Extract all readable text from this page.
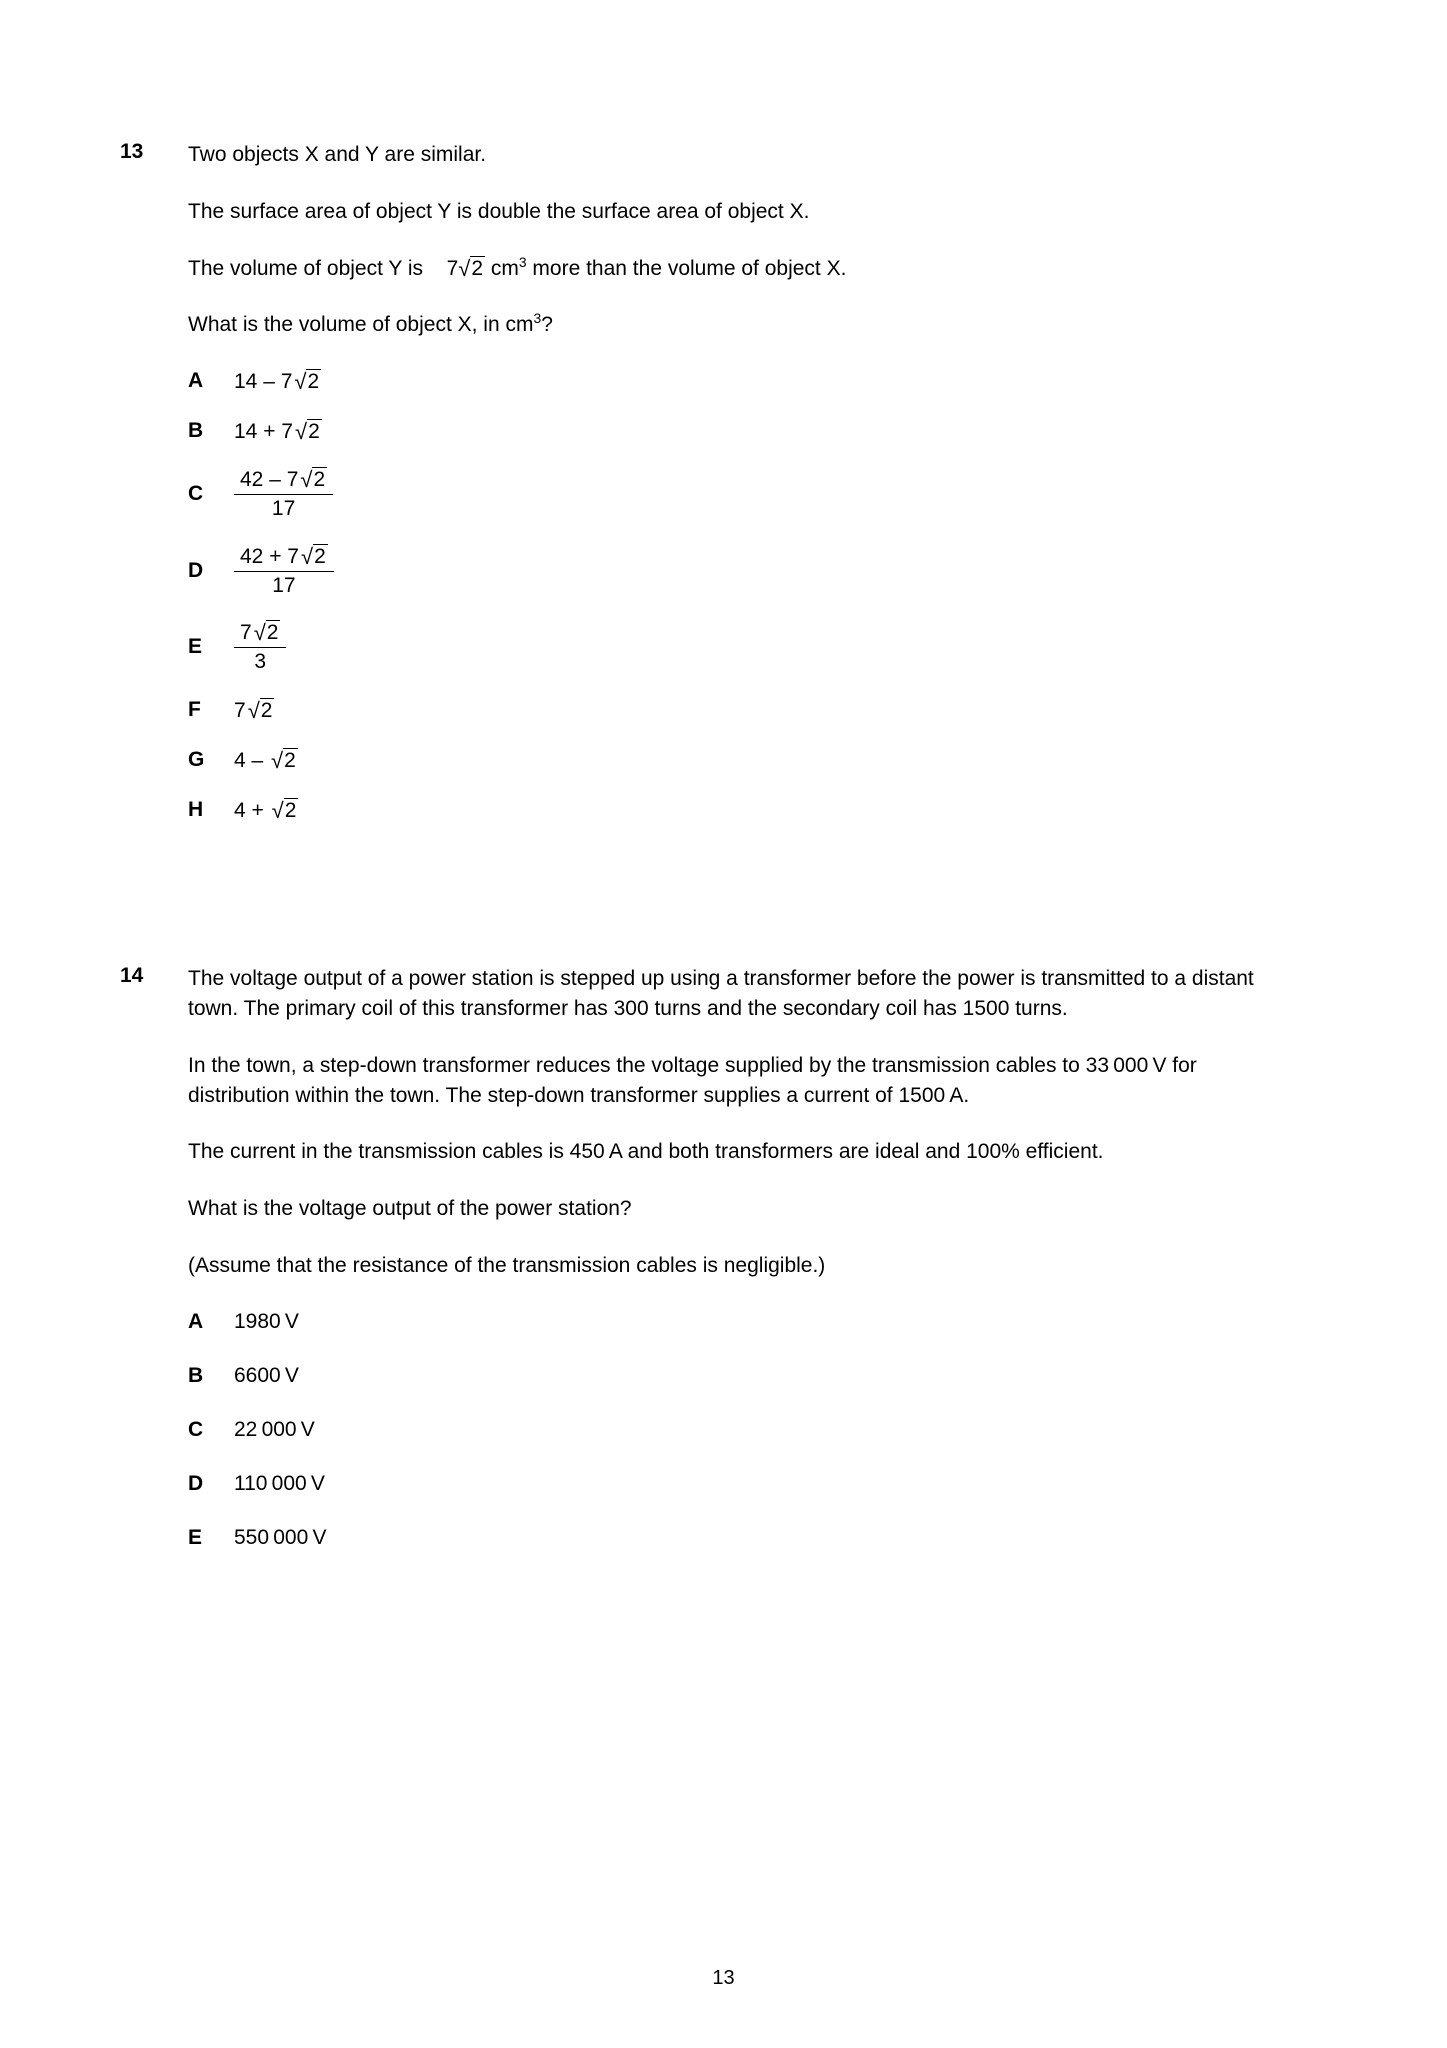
13	Two objects X and Y are similar.
The surface area of object Y is double the surface area of object X.
The volume of object Y is 7√2 $cm^3$ more than the volume of object X.
What is the volume of object X, in $cm^3$?
A	14 – 7√2
B	14 + 7√2
C	$\frac{42 - 7√2}{17}$
D	$\frac{42 + 7√2}{17}$
E	$\frac{7√2}{3}$
F	7√2
G	4 – √2
H	4 + √2
14	The voltage output of a power station is stepped up using a transformer before the power is transmitted to a distant town. The primary coil of this transformer has 300 turns and the secondary coil has 1500 turns.
In the town, a step-down transformer reduces the voltage supplied by the transmission cables to 33 000 V for distribution within the town. The step-down transformer supplies a current of 1500 A.
The current in the transmission cables is 450 A and both transformers are ideal and 100% efficient.
What is the voltage output of the power station?
(Assume that the resistance of the transmission cables is negligible.)
A	1980 V
B	6600 V
C	22 000 V
D	110 000 V
E	550 000 V
13
